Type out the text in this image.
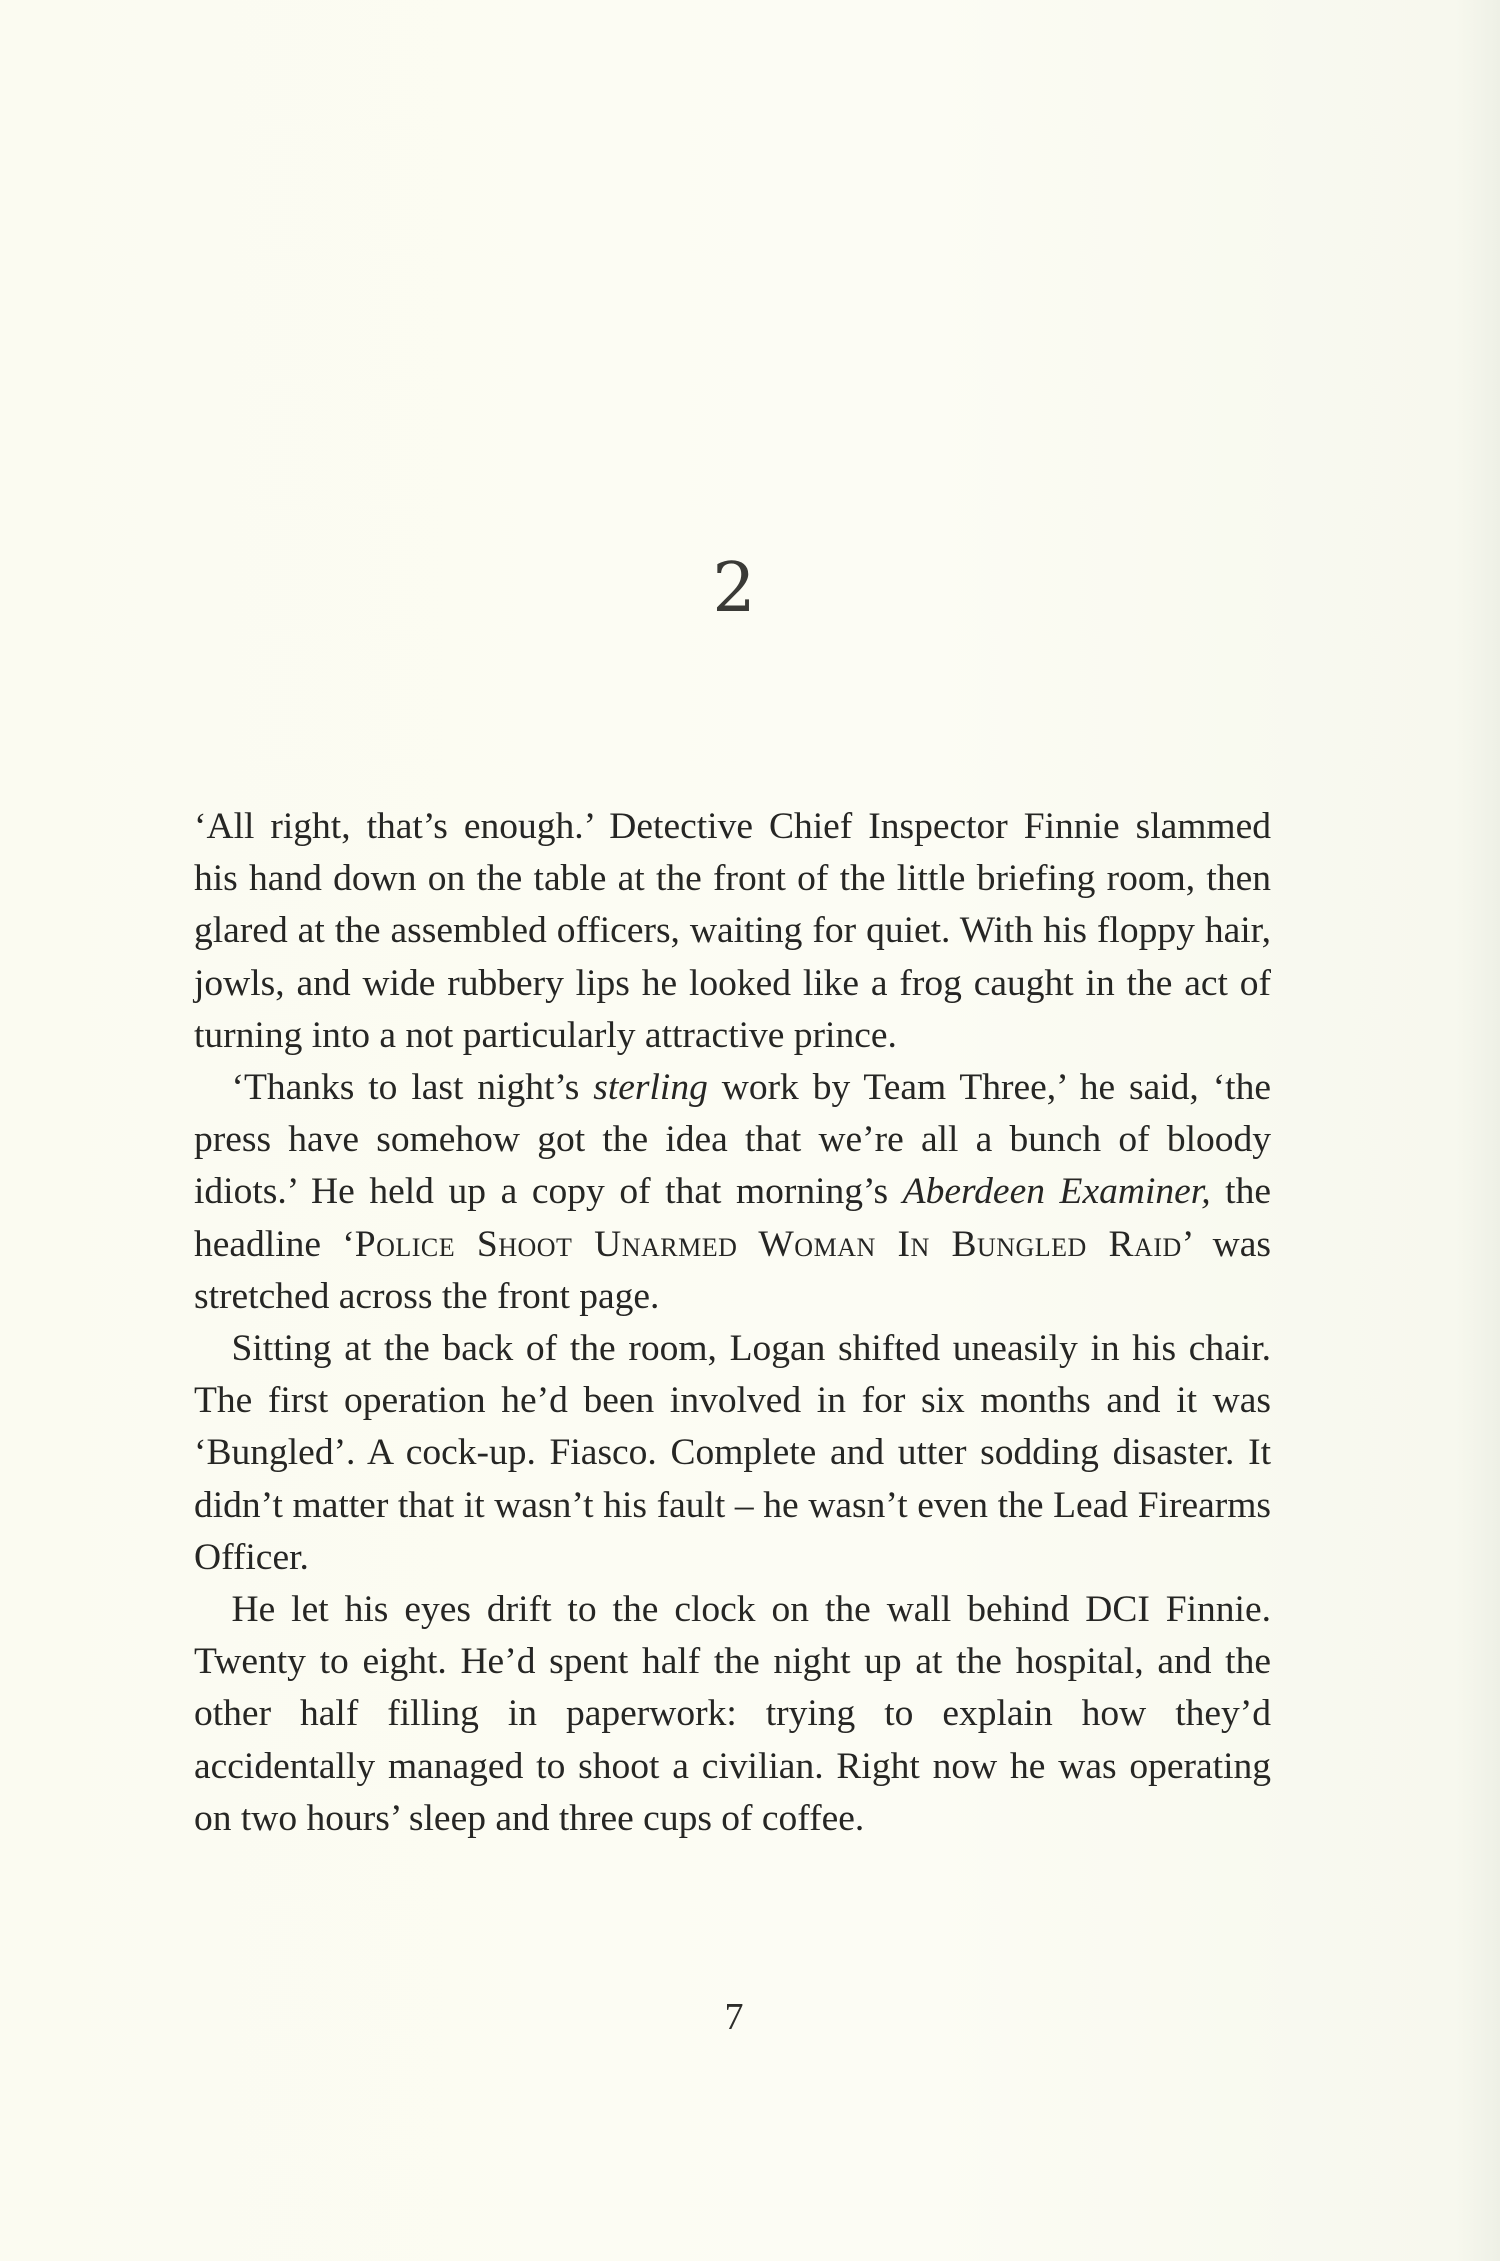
2

‘All right, that’s enough.’ Detective Chief Inspector Finnie slammed his hand down on the table at the front of the little briefing room, then glared at the assembled officers, waiting for quiet. With his floppy hair, jowls, and wide rubbery lips he looked like a frog caught in the act of turning into a not particularly attractive prince.

 ‘Thanks to last night’s sterling work by Team Three,’ he said, ‘the press have somehow got the idea that we’re all a bunch of bloody idiots.’ He held up a copy of that morning’s Aberdeen Examiner, the headline ‘Police Shoot Unarmed Woman In Bungled Raid’ was stretched across the front page.

 Sitting at the back of the room, Logan shifted uneasily in his chair. The first operation he’d been involved in for six months and it was ‘Bungled’. A cock-up. Fiasco. Complete and utter sodding disaster. It didn’t matter that it wasn’t his fault – he wasn’t even the Lead Firearms Officer.

 He let his eyes drift to the clock on the wall behind DCI Finnie. Twenty to eight. He’d spent half the night up at the hospital, and the other half filling in paperwork: trying to explain how they’d accidentally managed to shoot a civilian. Right now he was operating on two hours’ sleep and three cups of coffee.

7
